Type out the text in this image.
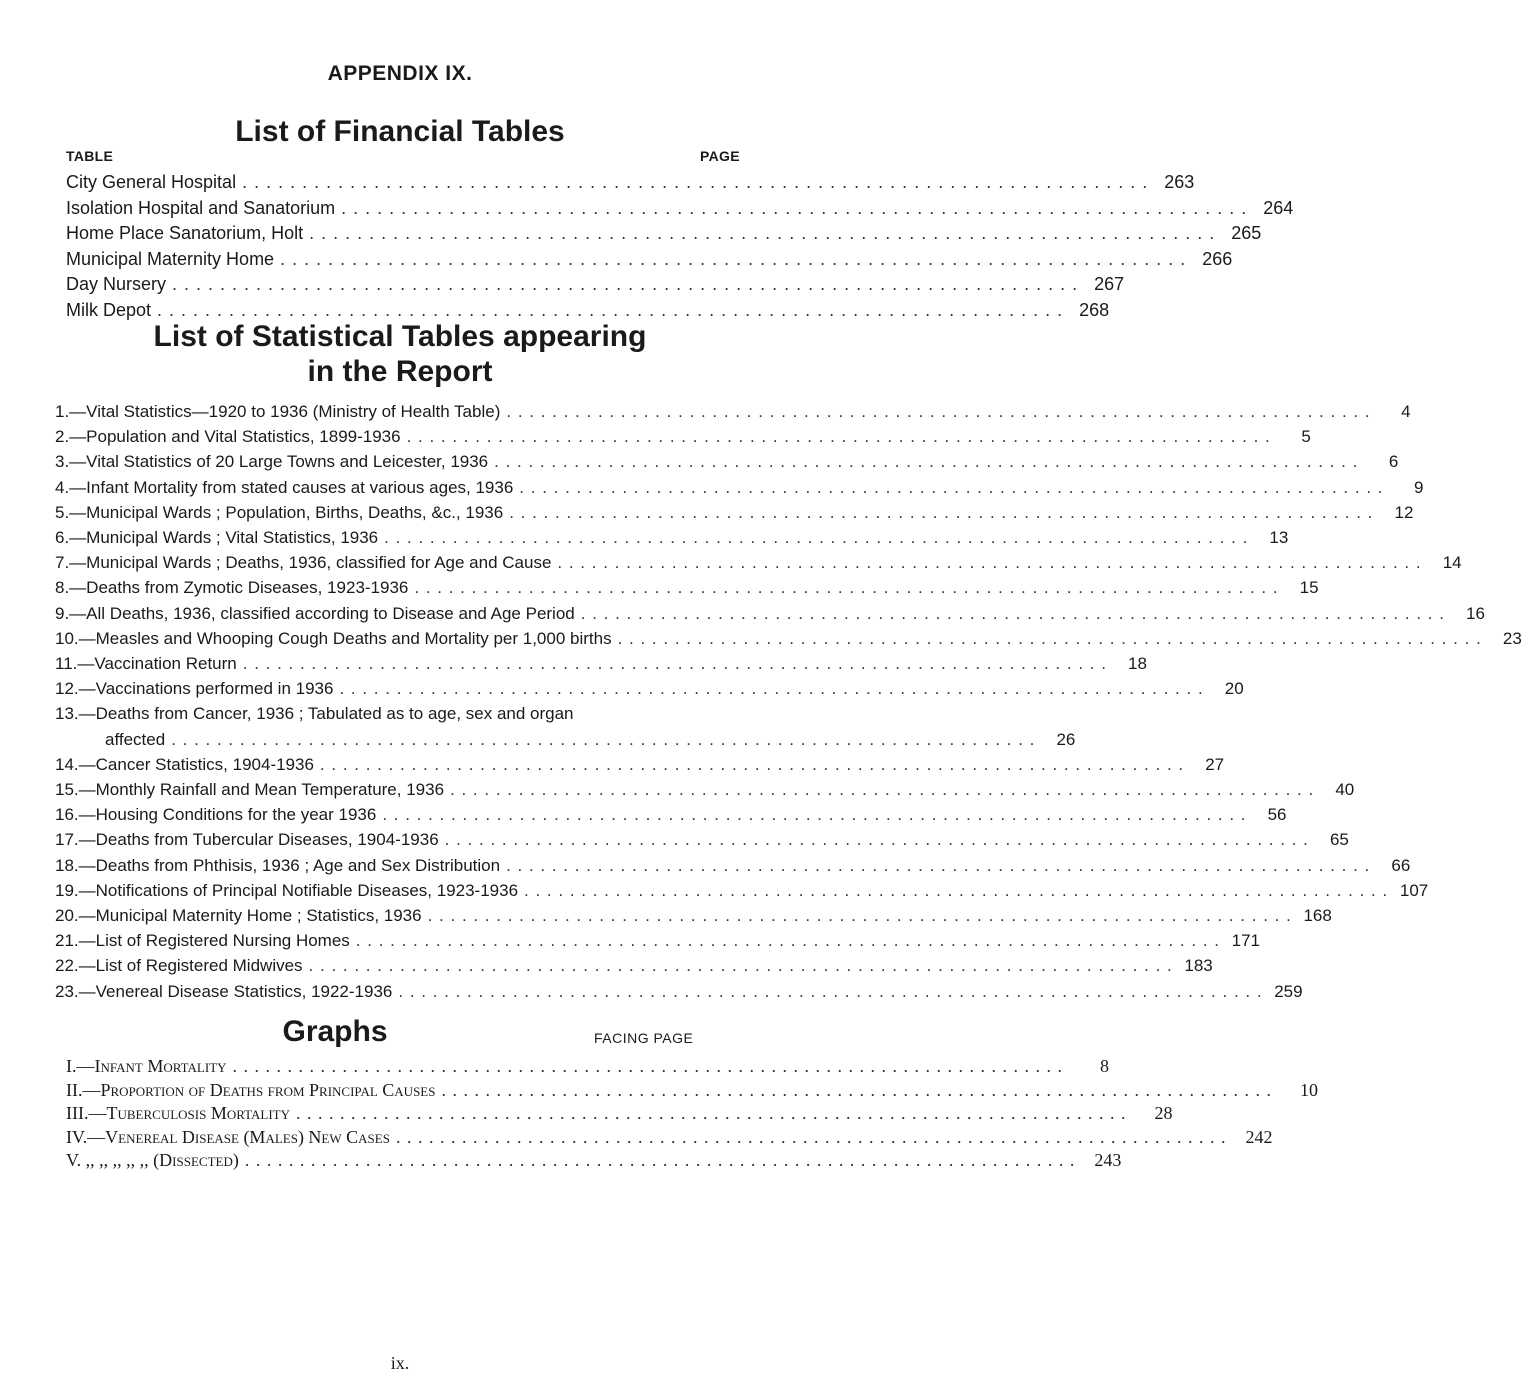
APPENDIX IX.
List of Financial Tables
TABLE	PAGE
City General Hospital . . . . . . . . . . . . . . . . . . . . . . . . . . . . . . . . . . . . . . . . . . . . . . . . . . . . . . . . . . . . . . . . . . . . . . . . . . . . 263
Isolation Hospital and Sanatorium . . . . . . . . . . . . . . . . . . . . . . . . . . . . . . . . . . . . . . . . . . . . . . . . . . . . . . . . . . . . . . . . . . . . . . . . . . . . 264
Home Place Sanatorium, Holt . . . . . . . . . . . . . . . . . . . . . . . . . . . . . . . . . . . . . . . . . . . . . . . . . . . . . . . . . . . . . . . . . . . . . . . . . . . . 265
Municipal Maternity Home . . . . . . . . . . . . . . . . . . . . . . . . . . . . . . . . . . . . . . . . . . . . . . . . . . . . . . . . . . . . . . . . . . . . . . . . . . . . 266
Day Nursery . . . . . . . . . . . . . . . . . . . . . . . . . . . . . . . . . . . . . . . . . . . . . . . . . . . . . . . . . . . . . . . . . . . . . . . . . . . . 267
Milk Depot . . . . . . . . . . . . . . . . . . . . . . . . . . . . . . . . . . . . . . . . . . . . . . . . . . . . . . . . . . . . . . . . . . . . . . . . . . . . 268
List of Statistical Tables appearing
in the Report
1.—Vital Statistics—1920 to 1936 (Ministry of Health Table) . . . . . . . . . . . . . . . . . . . . . . . . . . . . . . . . . . . . . . . . . . . . . . . . . . . . . . . . . . . . . . . . . . . . . . . . . . . .	4
2.—Population and Vital Statistics, 1899-1936 . . . . . . . . . . . . . . . . . . . . . . . . . . . . . . . . . . . . . . . . . . . . . . . . . . . . . . . . . . . . . . . . . . . . . . . . . . . .	5
3.—Vital Statistics of 20 Large Towns and Leicester, 1936 . . . . . . . . . . . . . . . . . . . . . . . . . . . . . . . . . . . . . . . . . . . . . . . . . . . . . . . . . . . . . . . . . . . . . . . . . . . .	6
4.—Infant Mortality from stated causes at various ages, 1936 . . . . . . . . . . . . . . . . . . . . . . . . . . . . . . . . . . . . . . . . . . . . . . . . . . . . . . . . . . . . . . . . . . . . . . . . . . . .	9
5.—Municipal Wards ; Population, Births, Deaths, &c., 1936 . . . . . . . . . . . . . . . . . . . . . . . . . . . . . . . . . . . . . . . . . . . . . . . . . . . . . . . . . . . . . . . . . . . . . . . . . . . .	12
6.—Municipal Wards ; Vital Statistics, 1936 . . . . . . . . . . . . . . . . . . . . . . . . . . . . . . . . . . . . . . . . . . . . . . . . . . . . . . . . . . . . . . . . . . . . . . . . . . . .	13
7.—Municipal Wards ; Deaths, 1936, classified for Age and Cause . . . . . . . . . . . . . . . . . . . . . . . . . . . . . . . . . . . . . . . . . . . . . . . . . . . . . . . . . . . . . . . . . . . . . . . . . . . .	14
8.—Deaths from Zymotic Diseases, 1923-1936 . . . . . . . . . . . . . . . . . . . . . . . . . . . . . . . . . . . . . . . . . . . . . . . . . . . . . . . . . . . . . . . . . . . . . . . . . . . .	15
9.—All Deaths, 1936, classified according to Disease and Age Period . . . . . . . . . . . . . . . . . . . . . . . . . . . . . . . . . . . . . . . . . . . . . . . . . . . . . . . . . . . . . . . . . . . . . . . . . . . .	16
10.—Measles and Whooping Cough Deaths and Mortality per 1,000 births . . . . . . . . . . . . . . . . . . . . . . . . . . . . . . . . . . . . . . . . . . . . . . . . . . . . . . . . . . . . . . . . . . . . . . . . . . . .	23
11.—Vaccination Return . . . . . . . . . . . . . . . . . . . . . . . . . . . . . . . . . . . . . . . . . . . . . . . . . . . . . . . . . . . . . . . . . . . . . . . . . . . .	18
12.—Vaccinations performed in 1936 . . . . . . . . . . . . . . . . . . . . . . . . . . . . . . . . . . . . . . . . . . . . . . . . . . . . . . . . . . . . . . . . . . . . . . . . . . . .	20
13.—Deaths from Cancer, 1936 ; Tabulated as to age, sex and organ
affected . . . . . . . . . . . . . . . . . . . . . . . . . . . . . . . . . . . . . . . . . . . . . . . . . . . . . . . . . . . . . . . . . . . . . . . . . . . .	26
14.—Cancer Statistics, 1904-1936 . . . . . . . . . . . . . . . . . . . . . . . . . . . . . . . . . . . . . . . . . . . . . . . . . . . . . . . . . . . . . . . . . . . . . . . . . . . .	27
15.—Monthly Rainfall and Mean Temperature, 1936 . . . . . . . . . . . . . . . . . . . . . . . . . . . . . . . . . . . . . . . . . . . . . . . . . . . . . . . . . . . . . . . . . . . . . . . . . . . .	40
16.—Housing Conditions for the year 1936 . . . . . . . . . . . . . . . . . . . . . . . . . . . . . . . . . . . . . . . . . . . . . . . . . . . . . . . . . . . . . . . . . . . . . . . . . . . .	56
17.—Deaths from Tubercular Diseases, 1904-1936 . . . . . . . . . . . . . . . . . . . . . . . . . . . . . . . . . . . . . . . . . . . . . . . . . . . . . . . . . . . . . . . . . . . . . . . . . . . .	65
18.—Deaths from Phthisis, 1936 ; Age and Sex Distribution . . . . . . . . . . . . . . . . . . . . . . . . . . . . . . . . . . . . . . . . . . . . . . . . . . . . . . . . . . . . . . . . . . . . . . . . . . . .	66
19.—Notifications of Principal Notifiable Diseases, 1923-1936 . . . . . . . . . . . . . . . . . . . . . . . . . . . . . . . . . . . . . . . . . . . . . . . . . . . . . . . . . . . . . . . . . . . . . . . . . . . . 107
20.—Municipal Maternity Home ; Statistics, 1936 . . . . . . . . . . . . . . . . . . . . . . . . . . . . . . . . . . . . . . . . . . . . . . . . . . . . . . . . . . . . . . . . . . . . . . . . . . . . 168
21.—List of Registered Nursing Homes . . . . . . . . . . . . . . . . . . . . . . . . . . . . . . . . . . . . . . . . . . . . . . . . . . . . . . . . . . . . . . . . . . . . . . . . . . . . 171
22.—List of Registered Midwives . . . . . . . . . . . . . . . . . . . . . . . . . . . . . . . . . . . . . . . . . . . . . . . . . . . . . . . . . . . . . . . . . . . . . . . . . . . . 183
23.—Venereal Disease Statistics, 1922-1936 . . . . . . . . . . . . . . . . . . . . . . . . . . . . . . . . . . . . . . . . . . . . . . . . . . . . . . . . . . . . . . . . . . . . . . . . . . . . 259
Graphs	FACING PAGE
I.—Infant Mortality . . . . . . . . . . . . . . . . . . . . . . . . . . . . . . . . . . . . . . . . . . . . . . . . . . . . . . . . . . . . . . . . . . . . . . . . . . . .	8
II.—Proportion of Deaths from Principal Causes . . . . . . . . . . . . . . . . . . . . . . . . . . . . . . . . . . . . . . . . . . . . . . . . . . . . . . . . . . . . . . . . . . . . . . . . . . . .	10
III.—Tuberculosis Mortality . . . . . . . . . . . . . . . . . . . . . . . . . . . . . . . . . . . . . . . . . . . . . . . . . . . . . . . . . . . . . . . . . . . . . . . . . . . .	28
IV.—Venereal Disease (Males) New Cases . . . . . . . . . . . . . . . . . . . . . . . . . . . . . . . . . . . . . . . . . . . . . . . . . . . . . . . . . . . . . . . . . . . . . . . . . . . .	242
V. ,, ,, ,, ,, ,, (Dissected) . . . . . . . . . . . . . . . . . . . . . . . . . . . . . . . . . . . . . . . . . . . . . . . . . . . . . . . . . . . . . . . . . . . . . . . . . . . .	243
ix.
